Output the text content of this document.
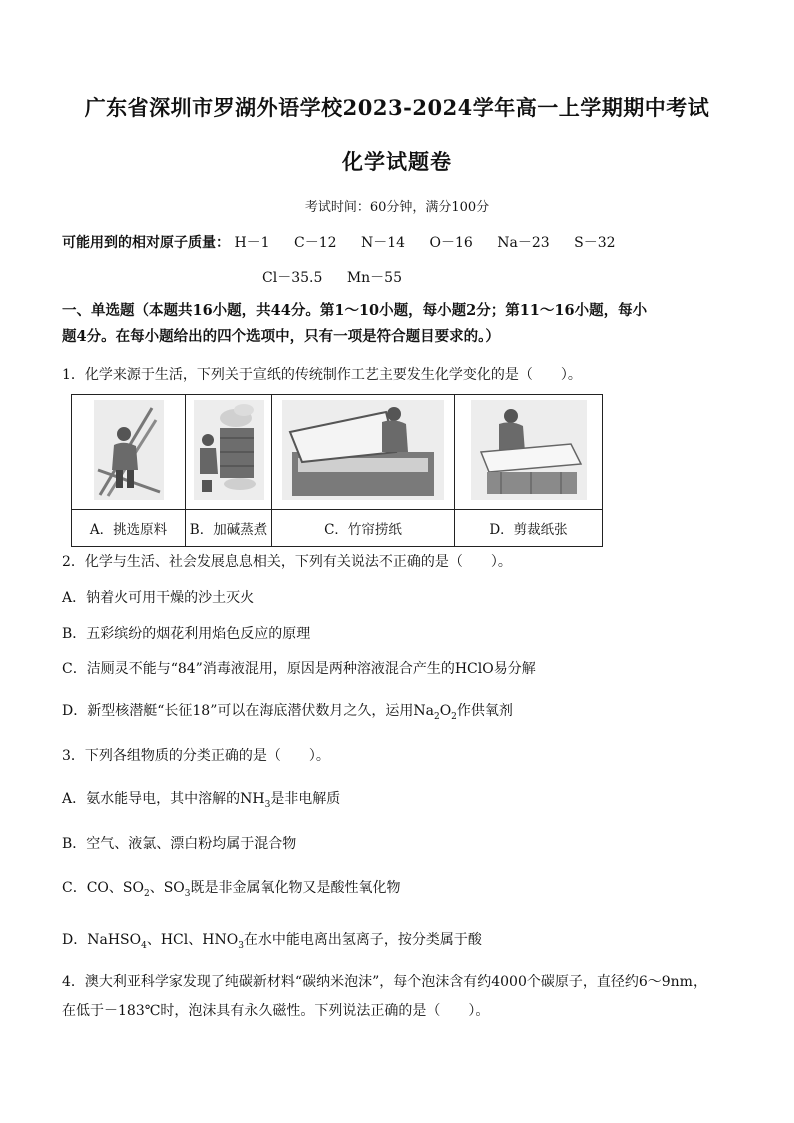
广东省深圳市罗湖外语学校2023-2024学年高一上学期期中考试
化学试题卷
考试时间：60分钟，满分100分
可能用到的相对原子质量： H－1 C－12 N－14 O－16 Na－23 S－32
Cl－35.5 Mn－55
一、单选题（本题共16小题，共44分。第1～10小题，每小题2分；第11～16小题，每小
题4分。在每小题给出的四个选项中，只有一项是符合题目要求的。）
1．化学来源于生活，下列关于宣纸的传统制作工艺主要发生化学变化的是（　　）。

A．挑选原料	B．加碱蒸煮	C．竹帘捞纸	D．剪裁纸张
2．化学与生活、社会发展息息相关，下列有关说法不正确的是（　　）。
A．钠着火可用干燥的沙土灭火
B．五彩缤纷的烟花利用焰色反应的原理
C．洁厕灵不能与“84”消毒液混用，原因是两种溶液混合产生的HClO易分解
D．新型核潜艇“长征18”可以在海底潜伏数月之久，运用$Na_2O_2$作供氧剂
3．下列各组物质的分类正确的是（　　）。
A．氨水能导电，其中溶解的$NH_3$是非电解质
B．空气、液氯、漂白粉均属于混合物
C．CO、$SO_2$、$SO_3$既是非金属氧化物又是酸性氧化物
D．NaHSO$_4$、HCl、$HNO_3$在水中能电离出氢离子，按分类属于酸
4．澳大利亚科学家发现了纯碳新材料“碳纳米泡沫”，每个泡沫含有约4000个碳原子，直径约6～9nm，
在低于－183℃时，泡沫具有永久磁性。下列说法正确的是（　　）。
